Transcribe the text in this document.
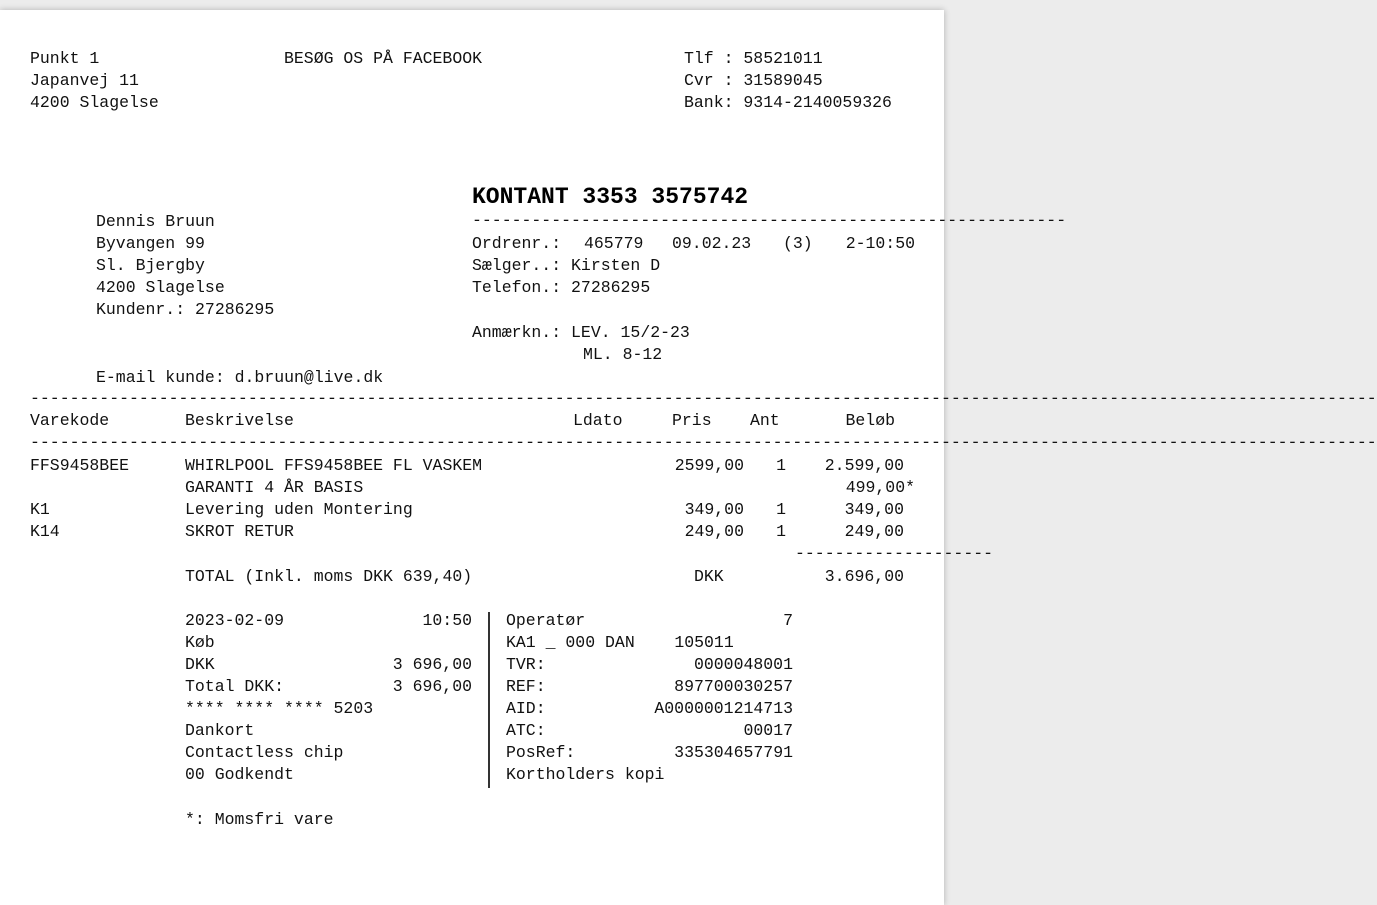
Punkt 1
Japanvej 11
4200 Slagelse
BESØG OS PÅ FACEBOOK	Tlf : 58521011
Cvr : 31589045
Bank: 9314-2140059326
KONTANT 3353 3575742
------------------------------------------------------------
Dennis Bruun
Byvangen 99
Sl. Bjergby
4200 Slagelse
Kundenr.: 27286295
E-mail kunde: d.bruun@live.dk
Ordrenr.: 465779 09.02.23 (3) 2-10:50
Sælger..: Kirsten D
Telefon.: 27286295
Anmærkn.: LEV. 15/2-23
ML. 8-12
----------------------------------------------------------------------------------------------------------------------------------------
Varekode	Beskrivelse	Ldato	Pris Ant	Beløb
----------------------------------------------------------------------------------------------------------------------------------------
FFS9458BEE	WHIRLPOOL FFS9458BEE FL VASKEM	2599,00 1 2.599,00
GARANTI 4 ÅR BASIS	499,00*
K1	Levering uden Montering	349,00 1	349,00
K14	SKROT RETUR	249,00 1	249,00
--------------------
TOTAL (Inkl. moms DKK 639,40)	DKK	3.696,00
2023-02-09	10:50
Køb
DKK	3 696,00
Total DKK:	3 696,00
**** **** **** 5203
Dankort
Contactless chip
00 Godkendt
Operatør	7
KA1 _ 000 DAN    105011
TVR:	0000048001
REF:	897700030257
AID:	A0000001214713
ATC:	00017
PosRef:	335304657791
Kortholders kopi
*: Momsfri vare
